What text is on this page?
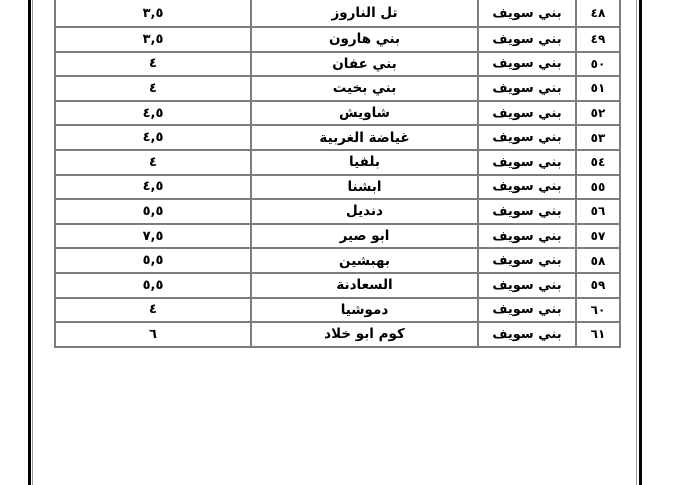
٤٨	بني سويف	تل الناروز	٣,٥
٤٩	بني سويف	بني هارون	٣,٥
٥٠	بني سويف	بني عفان	٤
٥١	بني سويف	بني بخيت	٤
٥٢	بني سويف	شاويش	٤,٥
٥٣	بني سويف	غياضة الغربية	٤,٥
٥٤	بني سويف	بلفيا	٤
٥٥	بني سويف	ابشنا	٤,٥
٥٦	بني سويف	دنديل	٥,٥
٥٧	بني سويف	ابو صير	٧,٥
٥٨	بني سويف	بهبشين	٥,٥
٥٩	بني سويف	السعادنة	٥,٥
٦٠	بني سويف	دموشيا	٤
٦١	بني سويف	كوم ابو خلاد	٦
